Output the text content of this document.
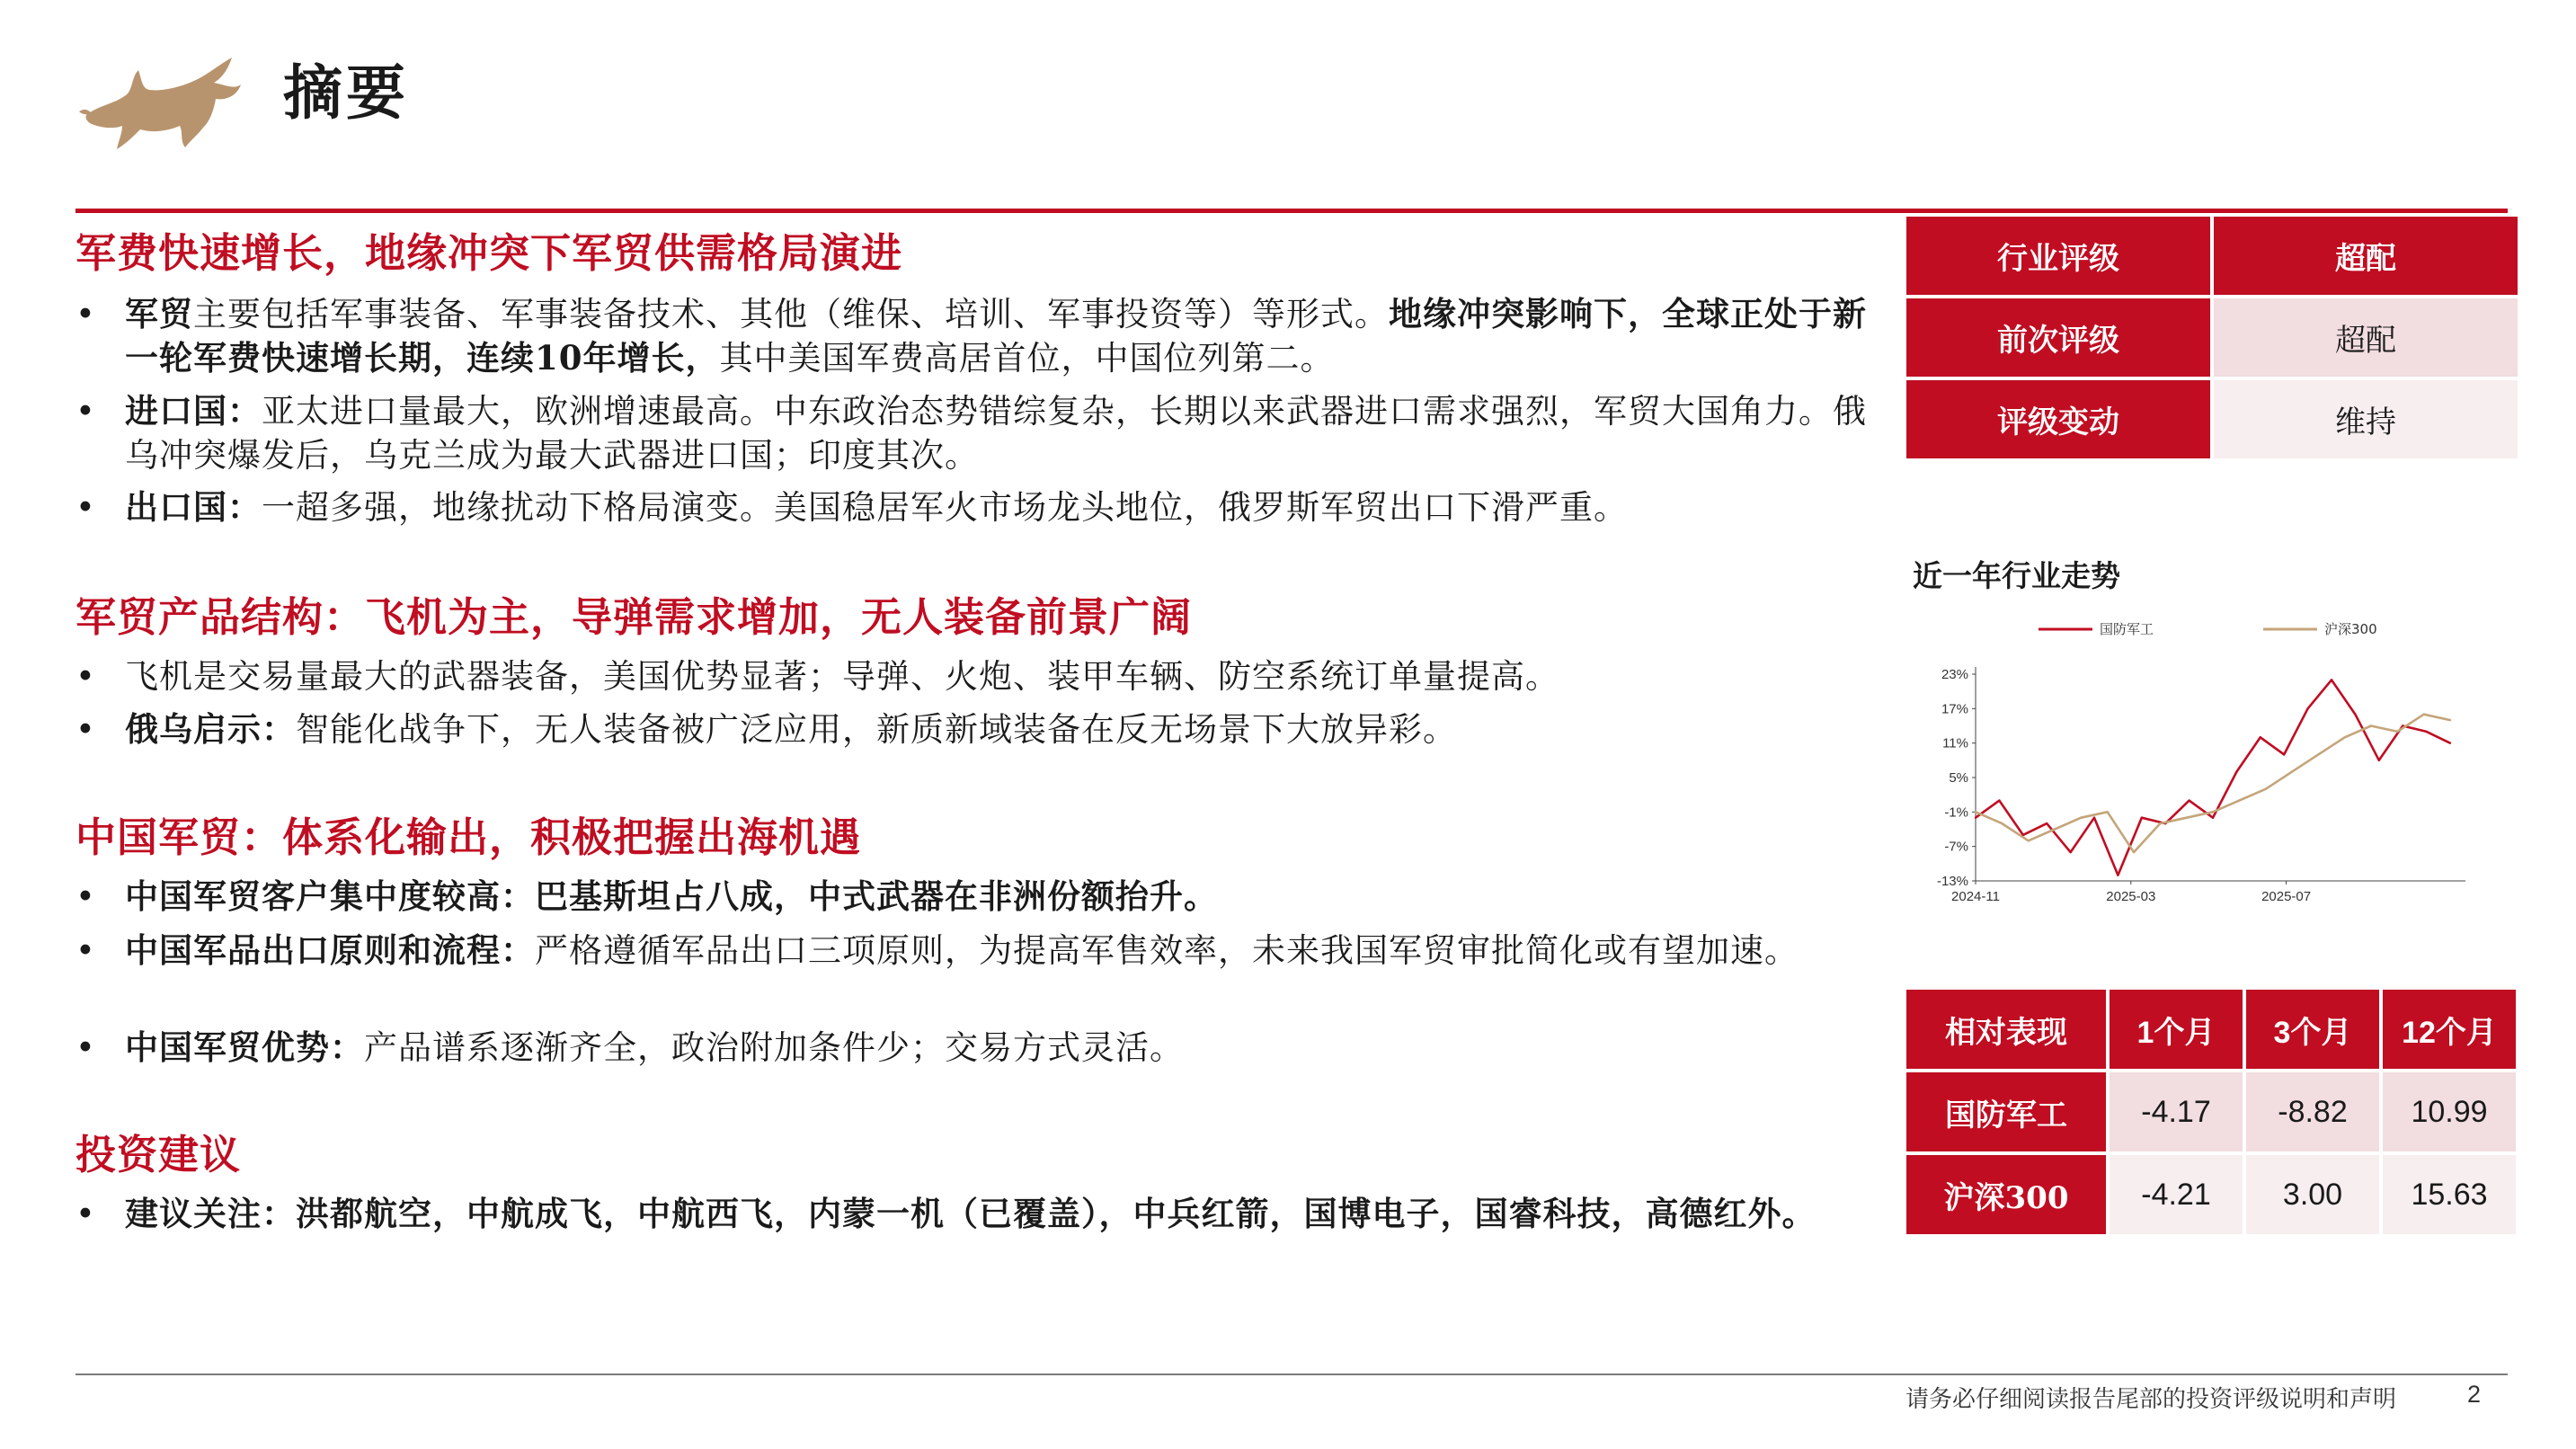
摘要
军费快速增长，地缘冲突下军贸供需格局演进
• 军贸主要包括军事装备、军事装备技术、其他（维保、培训、军事投资等）等形式。地缘冲突影响下，全球正处于新一轮军费快速增长期，连续10年增长，其中美国军费高居首位，中国位列第二。
• 进口国：亚太进口量最大，欧洲增速最高。中东政治态势错综复杂，长期以来武器进口需求强烈，军贸大国角力。俄乌冲突爆发后，乌克兰成为最大武器进口国；印度其次。
• 出口国：一超多强，地缘扰动下格局演变。美国稳居军火市场龙头地位，俄罗斯军贸出口下滑严重。
军贸产品结构：飞机为主，导弹需求增加，无人装备前景广阔
• 飞机是交易量最大的武器装备，美国优势显著；导弹、火炮、装甲车辆、防空系统订单量提高。
• 俄乌启示：智能化战争下，无人装备被广泛应用，新质新域装备在反无场景下大放异彩。
中国军贸：体系化输出，积极把握出海机遇
• 中国军贸客户集中度较高：巴基斯坦占八成，中式武器在非洲份额抬升。
• 中国军品出口原则和流程：严格遵循军品出口三项原则，为提高军售效率，未来我国军贸审批简化或有望加速。
• 中国军贸优势：产品谱系逐渐齐全，政治附加条件少；交易方式灵活。
投资建议
• 建议关注：洪都航空，中航成飞，中航西飞，内蒙一机（已覆盖），中兵红箭，国博电子，国睿科技，高德红外。
行业评级	超配
前次评级	超配
评级变动	维持
近一年行业走势
国防军工	沪深300
23%
17%
11%
5%
-1%
-7%
-13%
2024-11	2025-03	2025-07
相对表现	1个月	3个月	12个月
国防军工	-4.17	-8.82	10.99
沪深300	-4.21	3.00	15.63
请务必仔细阅读报告尾部的投资评级说明和声明	2
